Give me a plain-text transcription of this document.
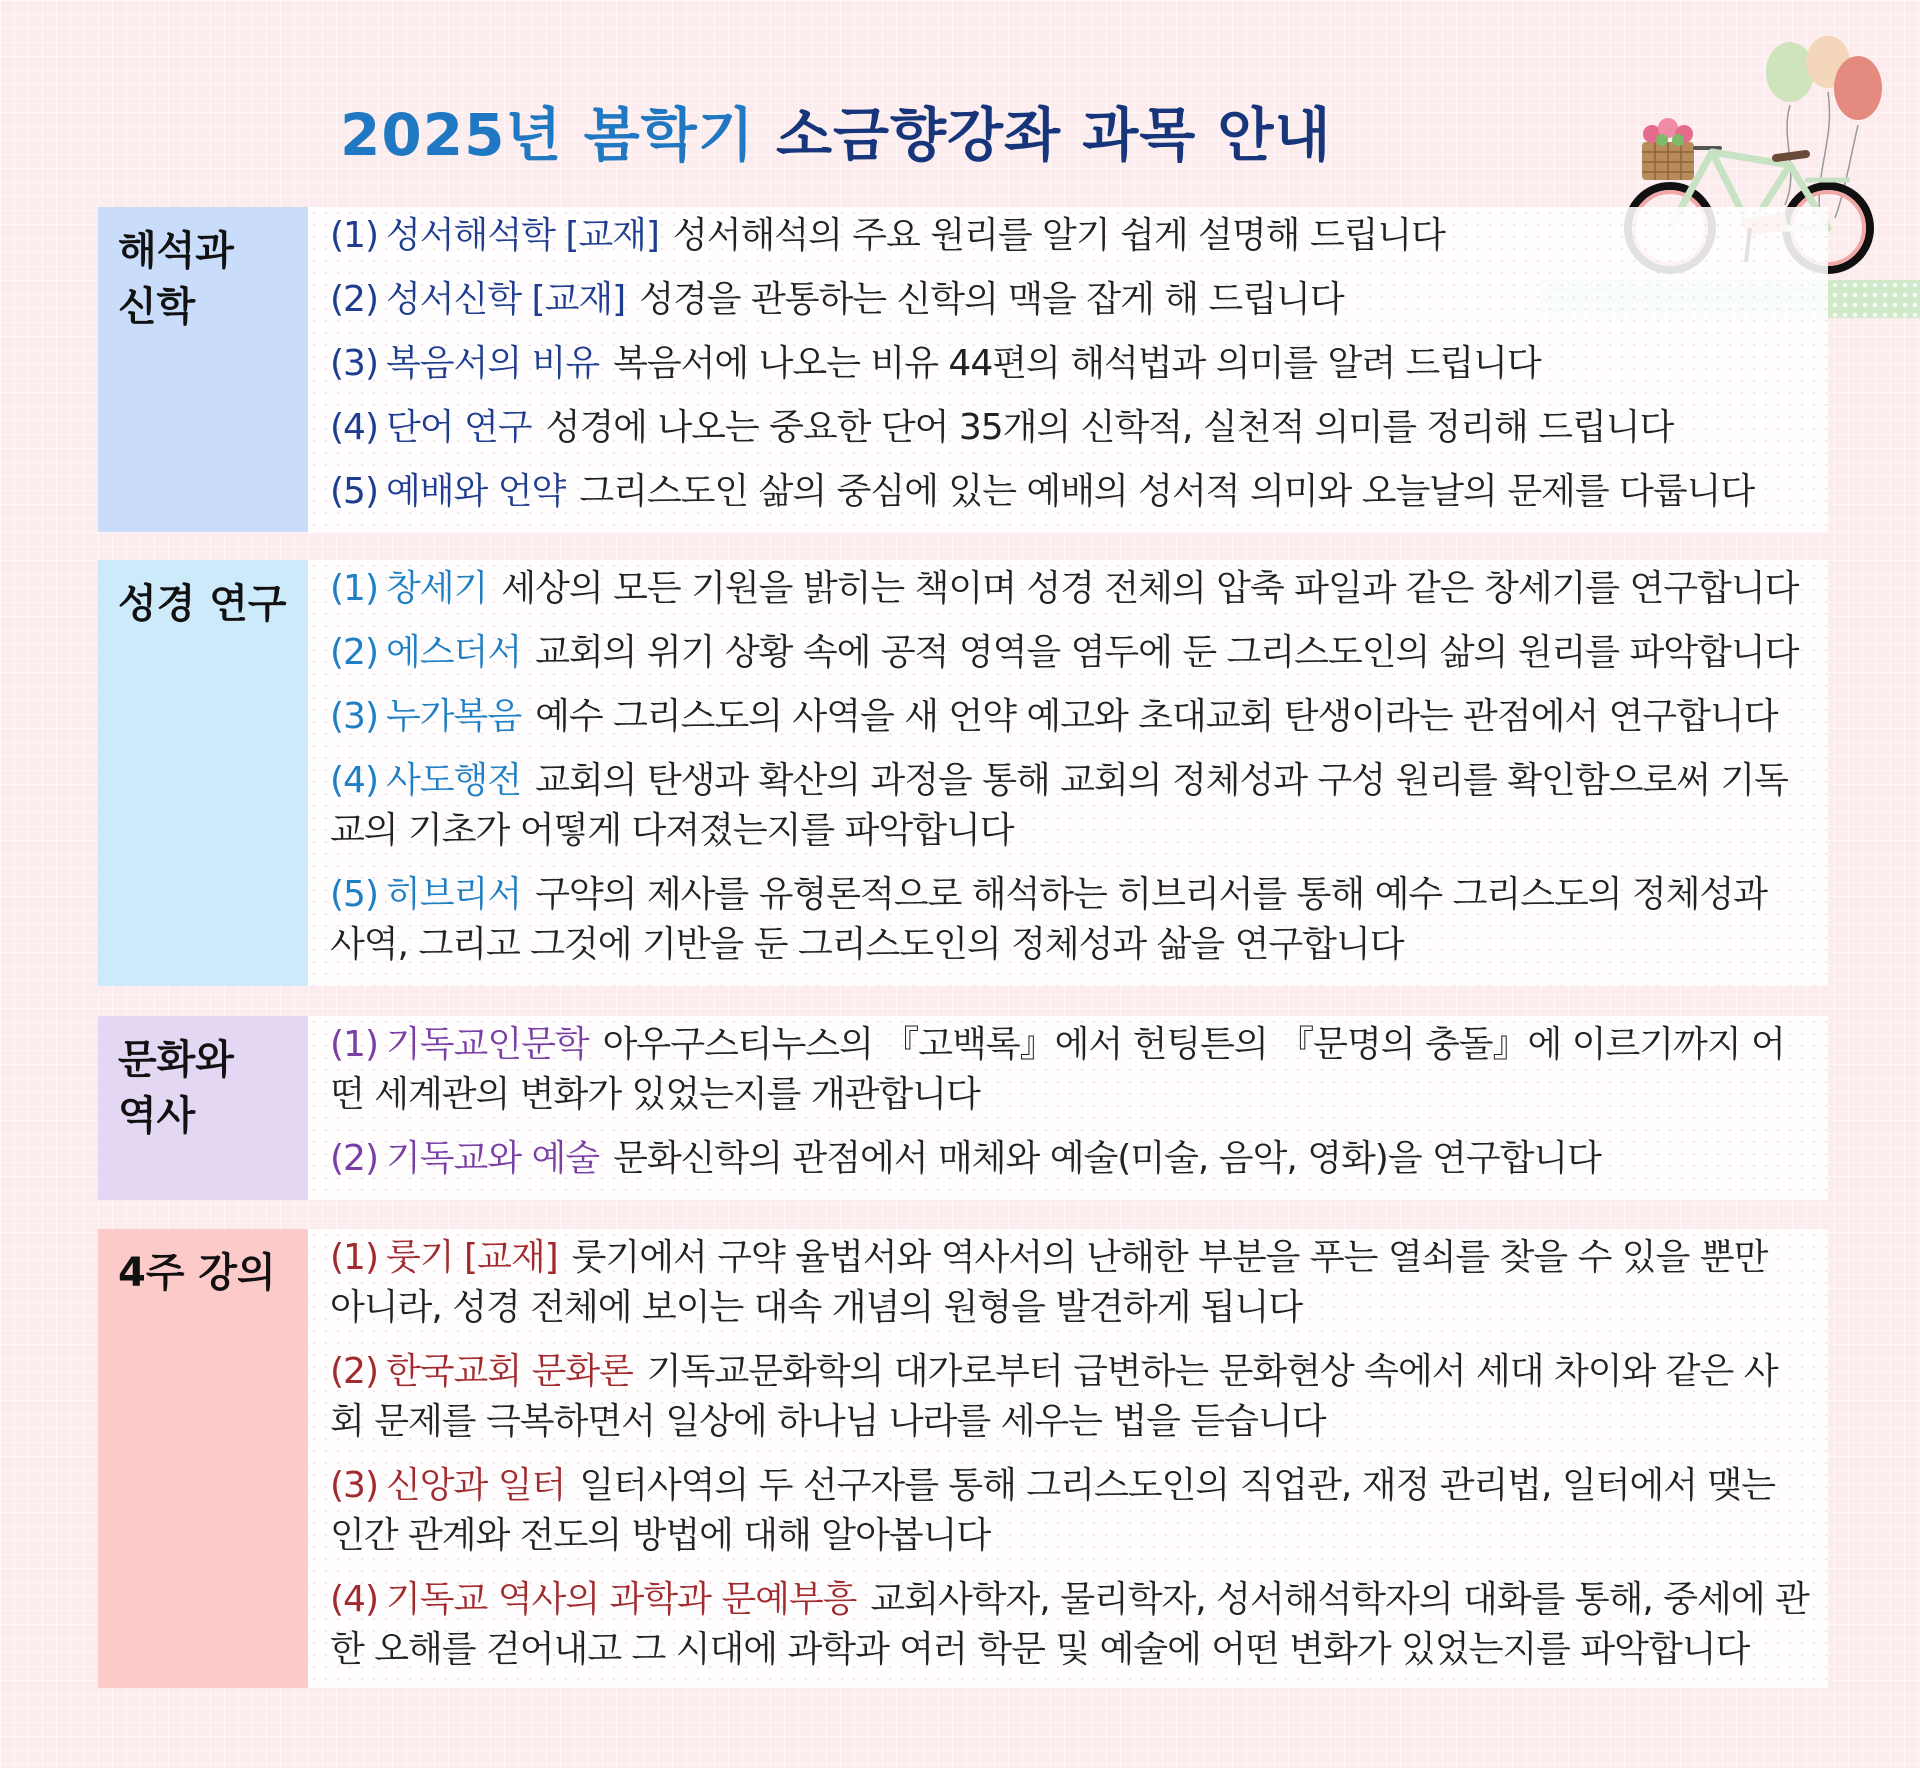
2025년 봄학기 소금향강좌 과목 안내
해석과
신학
(1) 성서해석학 [교재] 성서해석의 주요 원리를 알기 쉽게 설명해 드립니다
(2) 성서신학 [교재] 성경을 관통하는 신학의 맥을 잡게 해 드립니다
(3) 복음서의 비유 복음서에 나오는 비유 44편의 해석법과 의미를 알려 드립니다
(4) 단어 연구 성경에 나오는 중요한 단어 35개의 신학적, 실천적 의미를 정리해 드립니다
(5) 예배와 언약 그리스도인 삶의 중심에 있는 예배의 성서적 의미와 오늘날의 문제를 다룹니다
성경 연구	(1) 창세기 세상의 모든 기원을 밝히는 책이며 성경 전체의 압축 파일과 같은 창세기를 연구합니다
(2) 에스더서 교회의 위기 상황 속에 공적 영역을 염두에 둔 그리스도인의 삶의 원리를 파악합니다
(3) 누가복음 예수 그리스도의 사역을 새 언약 예고와 초대교회 탄생이라는 관점에서 연구합니다
(4) 사도행전 교회의 탄생과 확산의 과정을 통해 교회의 정체성과 구성 원리를 확인함으로써 기독교의 기초가 어떻게 다져졌는지를 파악합니다
(5) 히브리서 구약의 제사를 유형론적으로 해석하는 히브리서를 통해 예수 그리스도의 정체성과 사역, 그리고 그것에 기반을 둔 그리스도인의 정체성과 삶을 연구합니다
문화와
역사
(1) 기독교인문학 아우구스티누스의 『고백록』에서 헌팅튼의 『문명의 충돌』에 이르기까지 어떤 세계관의 변화가 있었는지를 개관합니다
(2) 기독교와 예술 문화신학의 관점에서 매체와 예술(미술, 음악, 영화)을 연구합니다
4주 강의	(1) 룻기 [교재] 룻기에서 구약 율법서와 역사서의 난해한 부분을 푸는 열쇠를 찾을 수 있을 뿐만 아니라, 성경 전체에 보이는 대속 개념의 원형을 발견하게 됩니다
(2) 한국교회 문화론 기독교문화학의 대가로부터 급변하는 문화현상 속에서 세대 차이와 같은 사회 문제를 극복하면서 일상에 하나님 나라를 세우는 법을 듣습니다
(3) 신앙과 일터 일터사역의 두 선구자를 통해 그리스도인의 직업관, 재정 관리법, 일터에서 맺는 인간 관계와 전도의 방법에 대해 알아봅니다
(4) 기독교 역사의 과학과 문예부흥 교회사학자, 물리학자, 성서해석학자의 대화를 통해, 중세에 관한 오해를 걷어내고 그 시대에 과학과 여러 학문 및 예술에 어떤 변화가 있었는지를 파악합니다
